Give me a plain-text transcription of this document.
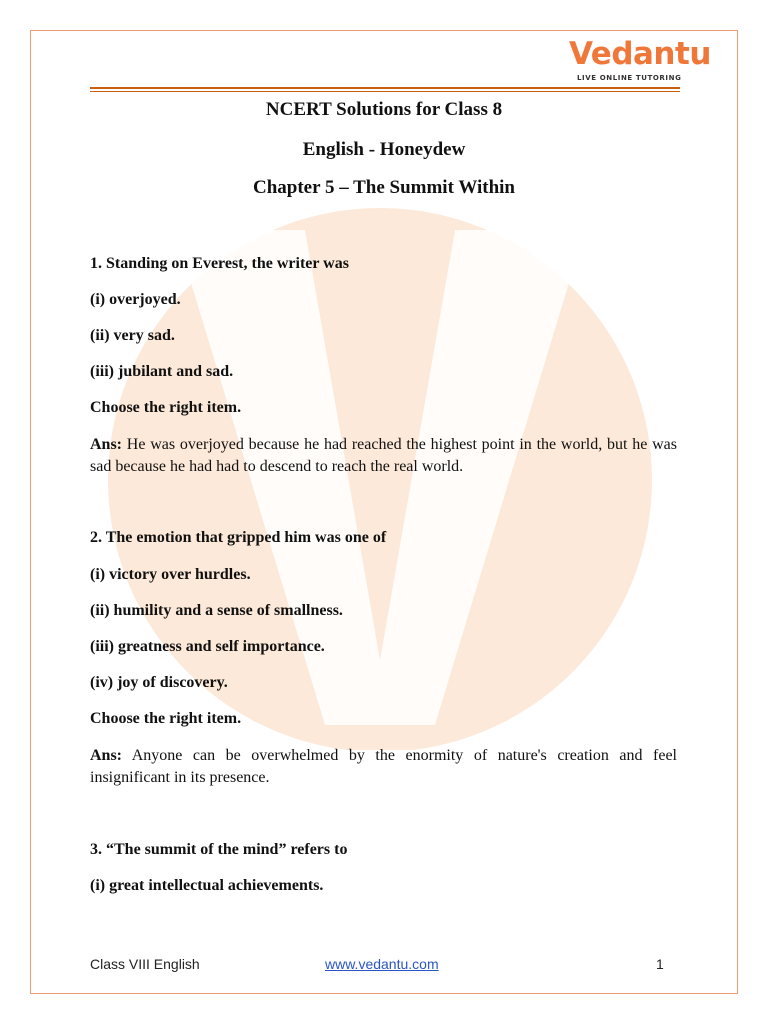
Vedantu
LIVE ONLINE TUTORING
NCERT Solutions for Class 8
English - Honeydew
Chapter 5 – The Summit Within
1. Standing on Everest, the writer was
(i) overjoyed.
(ii) very sad.
(iii) jubilant and sad.
Choose the right item.
Ans: He was overjoyed because he had reached the highest point in the world, but he was sad because he had had to descend to reach the real world.
2. The emotion that gripped him was one of
(i) victory over hurdles.
(ii) humility and a sense of smallness.
(iii) greatness and self importance.
(iv) joy of discovery.
Choose the right item.
Ans: Anyone can be overwhelmed by the enormity of nature's creation and feel insignificant in its presence.
3. “The summit of the mind” refers to
(i) great intellectual achievements.
Class VIII English	www.vedantu.com	1
